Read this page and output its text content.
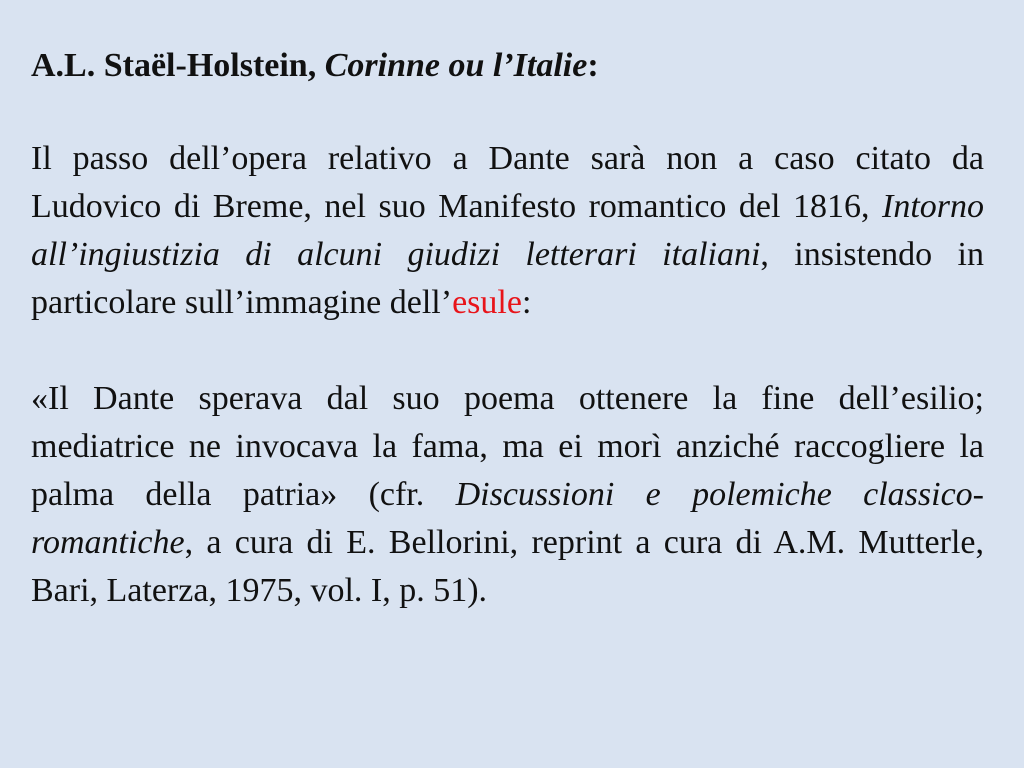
A.L. Staël-Holstein, Corinne ou l’Italie:

Il passo dell’opera relativo a Dante sarà non a caso citato da Ludovico di Breme, nel suo Manifesto romantico del 1816, Intorno all’ingiustizia di alcuni giudizi letterari italiani, insistendo in particolare sull’immagine dell’esule:

«Il Dante sperava dal suo poema ottenere la fine dell’esilio; mediatrice ne invocava la fama, ma ei morì anziché raccogliere la palma della patria» (cfr. Discussioni e polemiche classico-romantiche, a cura di E. Bellorini, reprint a cura di A.M. Mutterle, Bari, Laterza, 1975, vol. I, p. 51).
